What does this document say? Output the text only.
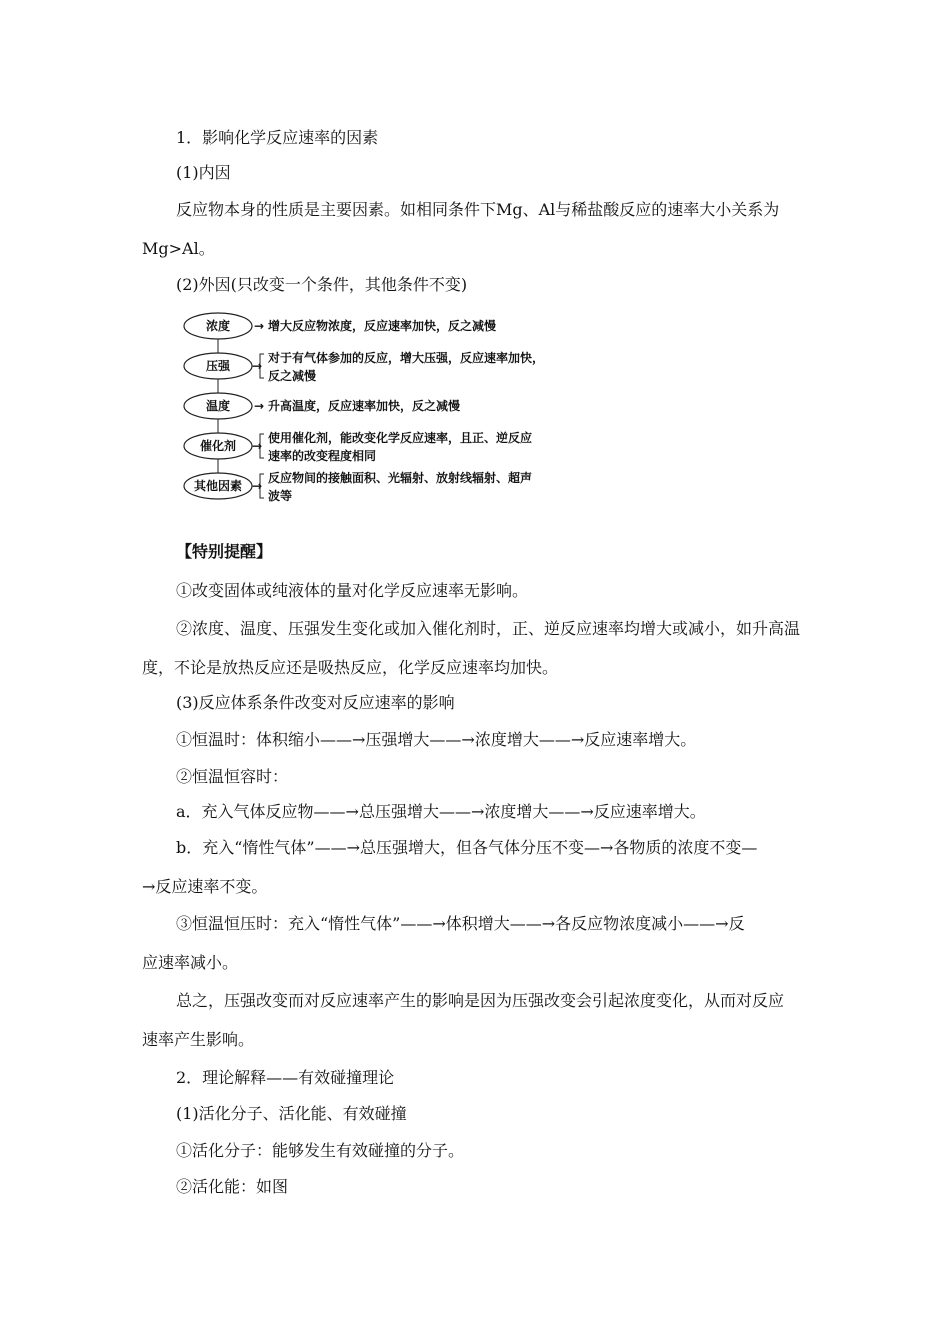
1．影响化学反应速率的因素
(1)内因
反应物本身的性质是主要因素。如相同条件下Mg、Al与稀盐酸反应的速率大小关系为
Mg>Al。
(2)外因(只改变一个条件，其他条件不变)
浓度 → 增大反应物浓度，反应速率加快，反之减慢
压强 →
对于有气体参加的反应，增大压强，反应速率加快，
反之减慢
温度 → 升高温度，反应速率加快，反之减慢
催化剂 →
使用催化剂，能改变化学反应速率，且正、逆反应
速率的改变程度相同
其他因素 →
反应物间的接触面积、光辐射、放射线辐射、超声
波等
【特别提醒】
①改变固体或纯液体的量对化学反应速率无影响。
②浓度、温度、压强发生变化或加入催化剂时，正、逆反应速率均增大或减小，如升高温
度，不论是放热反应还是吸热反应，化学反应速率均加快。
(3)反应体系条件改变对反应速率的影响
①恒温时：体积缩小——→压强增大——→浓度增大——→反应速率增大。
②恒温恒容时：
a．充入气体反应物——→总压强增大——→浓度增大——→反应速率增大。
b．充入“惰性气体”——→总压强增大，但各气体分压不变—→各物质的浓度不变—
→反应速率不变。
③恒温恒压时：充入“惰性气体”——→体积增大——→各反应物浓度减小——→反
应速率减小。
总之，压强改变而对反应速率产生的影响是因为压强改变会引起浓度变化，从而对反应
速率产生影响。
2．理论解释——有效碰撞理论
(1)活化分子、活化能、有效碰撞
①活化分子：能够发生有效碰撞的分子。
②活化能：如图
